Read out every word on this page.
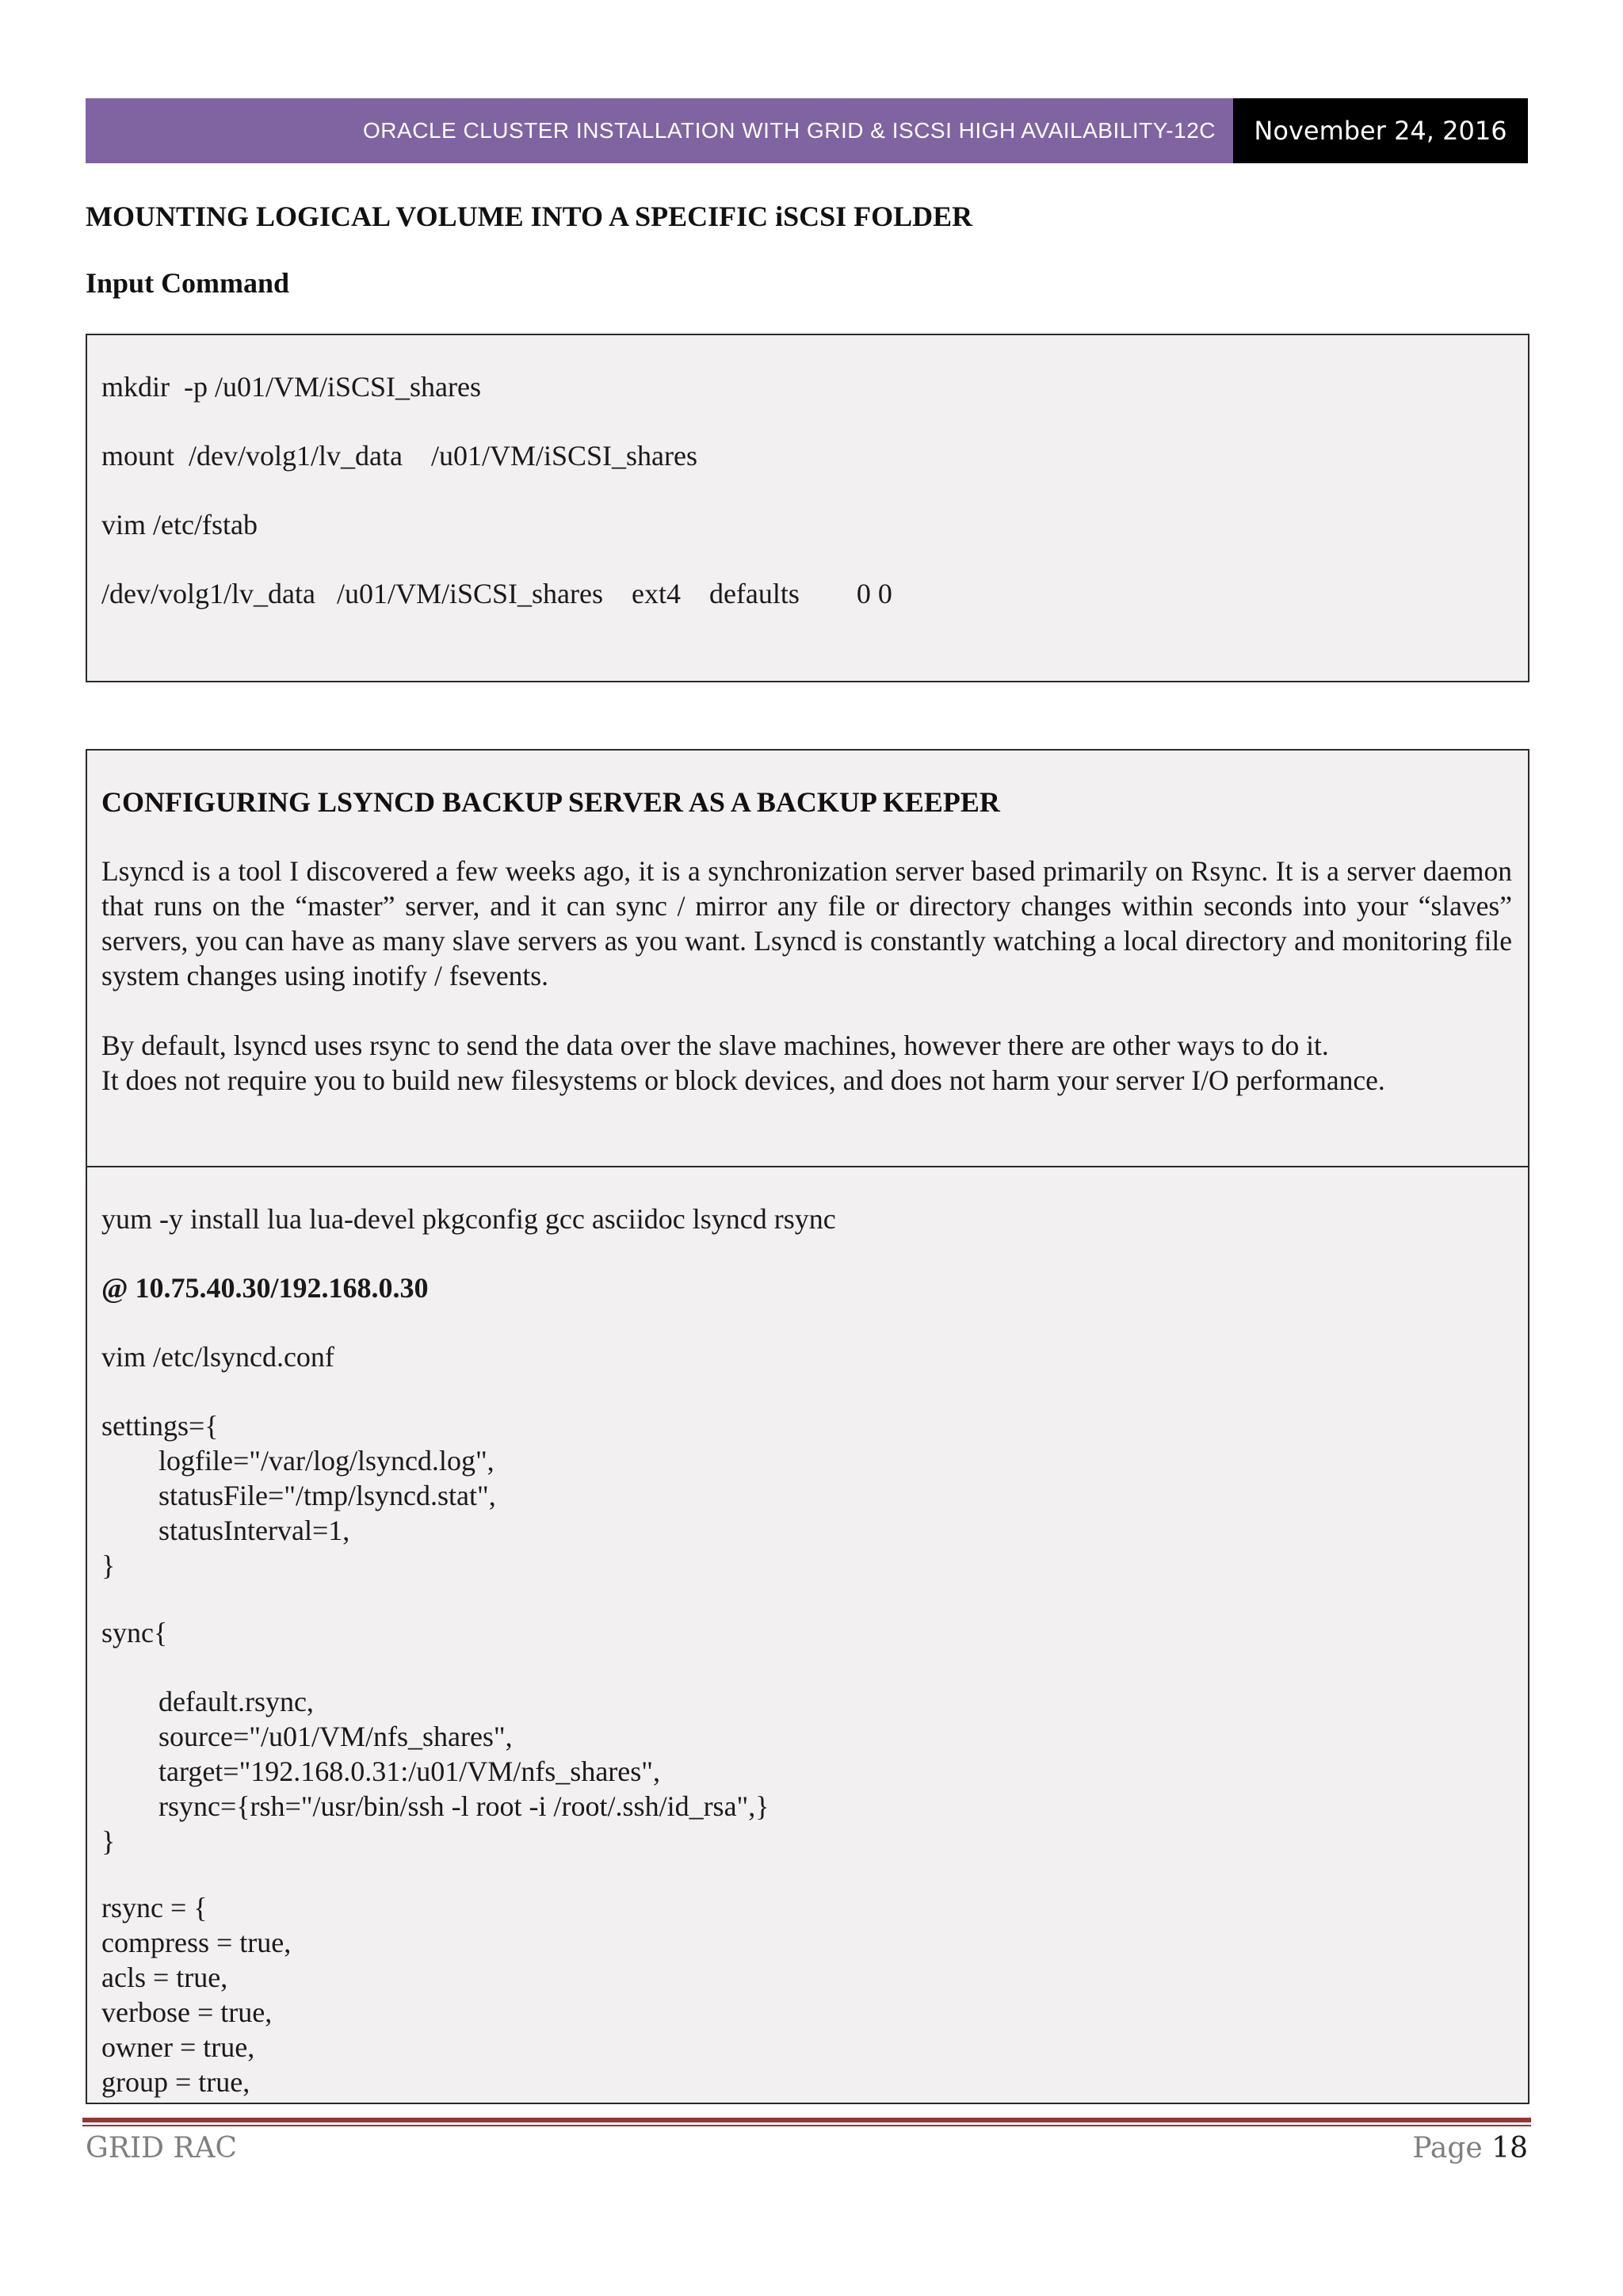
ORACLE CLUSTER INSTALLATION WITH GRID & ISCSI HIGH AVAILABILITY-12C	November 24, 2016
MOUNTING LOGICAL VOLUME INTO A SPECIFIC iSCSI FOLDER
Input Command
mkdir  -p /u01/VM/iSCSI_shares
mount  /dev/volg1/lv_data    /u01/VM/iSCSI_shares
vim /etc/fstab
/dev/volg1/lv_data   /u01/VM/iSCSI_shares    ext4    defaults        0 0
CONFIGURING LSYNCD BACKUP SERVER AS A BACKUP KEEPER
Lsyncd is a tool I discovered a few weeks ago, it is a synchronization server based primarily on Rsync. It is a server daemon that runs on the “master” server, and it can sync / mirror any file or directory changes within seconds into your “slaves” servers, you can have as many slave servers as you want. Lsyncd is constantly watching a local directory and monitoring file system changes using inotify / fsevents.
By default, lsyncd uses rsync to send the data over the slave machines, however there are other ways to do it.
It does not require you to build new filesystems or block devices, and does not harm your server I/O performance.
yum -y install lua lua-devel pkgconfig gcc asciidoc lsyncd rsync
@ 10.75.40.30/192.168.0.30
vim /etc/lsyncd.conf
settings={
logfile="/var/log/lsyncd.log",
statusFile="/tmp/lsyncd.stat",
statusInterval=1,
}
sync{
default.rsync,
source="/u01/VM/nfs_shares",
target="192.168.0.31:/u01/VM/nfs_shares",
rsync={rsh="/usr/bin/ssh -l root -i /root/.ssh/id_rsa",}
}
rsync = {
compress = true,
acls = true,
verbose = true,
owner = true,
group = true,
GRID RAC	Page 18
